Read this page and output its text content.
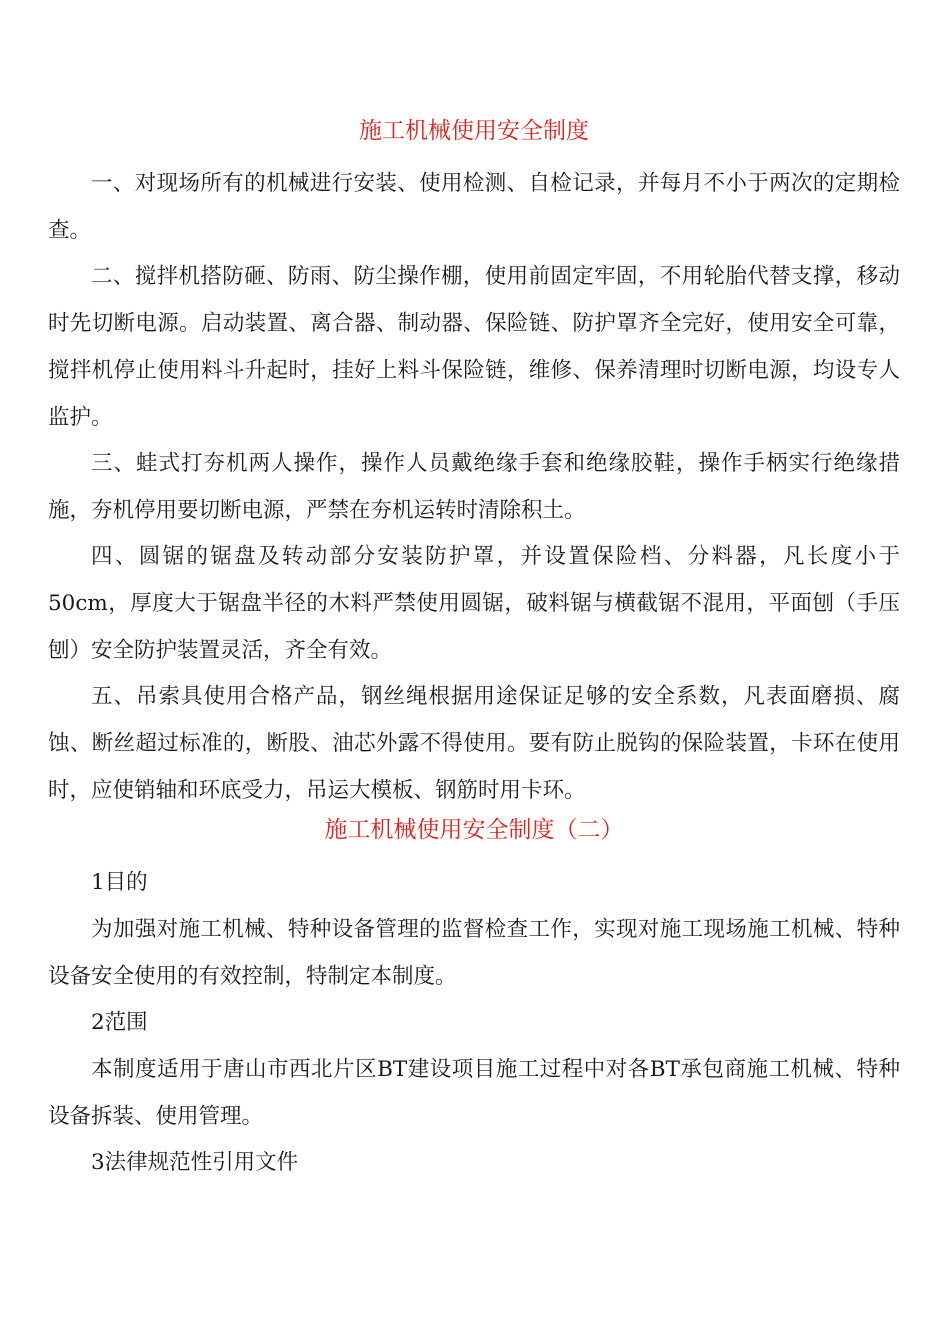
施工机械使用安全制度

一、对现场所有的机械进行安装、使用检测、自检记录，并每月不小于两次的定期检查。

二、搅拌机搭防砸、防雨、防尘操作棚，使用前固定牢固，不用轮胎代替支撑，移动时先切断电源。启动装置、离合器、制动器、保险链、防护罩齐全完好，使用安全可靠，搅拌机停止使用料斗升起时，挂好上料斗保险链，维修、保养清理时切断电源，均设专人监护。

三、蛙式打夯机两人操作，操作人员戴绝缘手套和绝缘胶鞋，操作手柄实行绝缘措施，夯机停用要切断电源，严禁在夯机运转时清除积土。

四、圆锯的锯盘及转动部分安装防护罩，并设置保险档、分料器，凡长度小于50cm，厚度大于锯盘半径的木料严禁使用圆锯，破料锯与横截锯不混用，平面刨（手压刨）安全防护装置灵活，齐全有效。

五、吊索具使用合格产品，钢丝绳根据用途保证足够的安全系数，凡表面磨损、腐蚀、断丝超过标准的，断股、油芯外露不得使用。要有防止脱钩的保险装置，卡环在使用时，应使销轴和环底受力，吊运大模板、钢筋时用卡环。

施工机械使用安全制度（二）

1目的

为加强对施工机械、特种设备管理的监督检查工作，实现对施工现场施工机械、特种设备安全使用的有效控制，特制定本制度。

2范围

本制度适用于唐山市西北片区BT建设项目施工过程中对各BT承包商施工机械、特种设备拆装、使用管理。

3法律规范性引用文件
